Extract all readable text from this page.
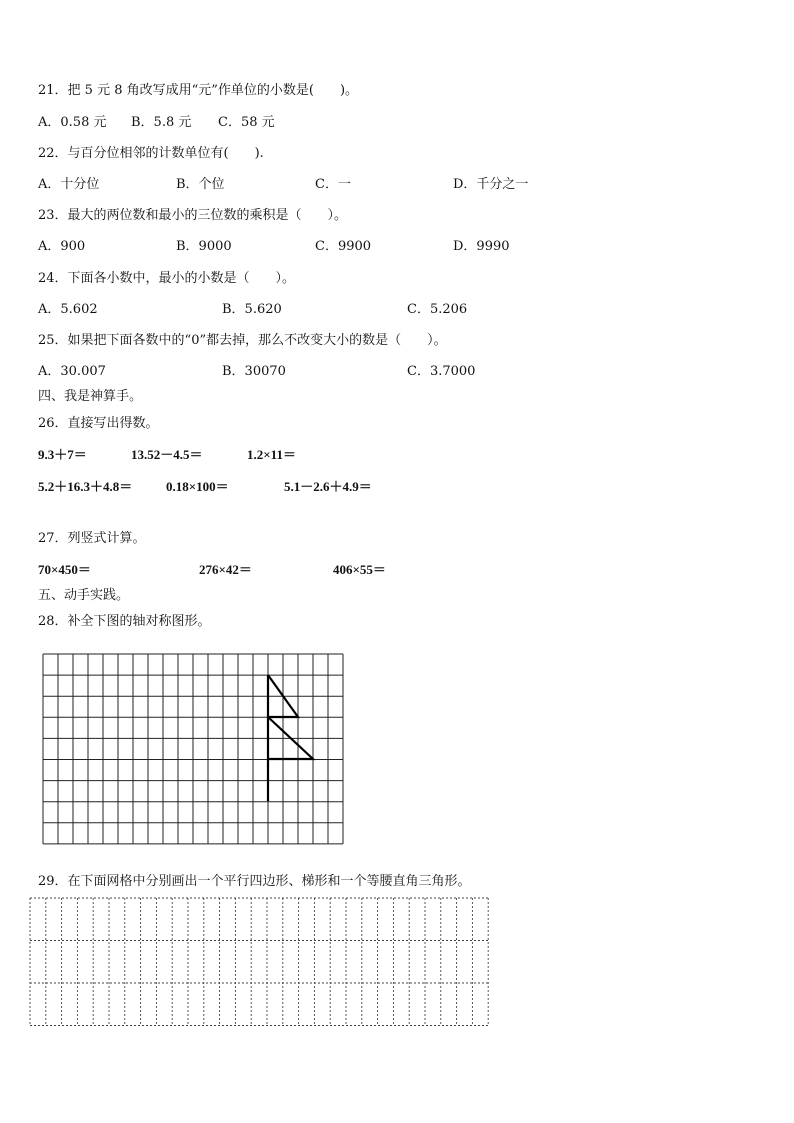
21．把 5 元 8 角改写成用“元”作单位的小数是(　　)。
A．0.58 元 B．5.8 元 C．58 元
22．与百分位相邻的计数单位有(　　).
A．十分位	B．个位	C．一	D．千分之一
23．最大的两位数和最小的三位数的乘积是（　　）。
A．900	B．9000	C．9900	D．9990
24．下面各小数中，最小的小数是（　　）。
A．5.602	B．5.620	C．5.206
25．如果把下面各数中的“0”都去掉，那么不改变大小的数是（　　）。
A．30.007	B．30070	C．3.7000
四、我是神算手。
26．直接写出得数。
9.3＋7＝	13.52－4.5＝	1.2×11＝
5.2＋16.3＋4.8＝	0.18×100＝	5.1－2.6＋4.9＝
27．列竖式计算。
70×450＝	276×42＝	406×55＝
五、动手实践。
28．补全下图的轴对称图形。
29．在下面网格中分别画出一个平行四边形、梯形和一个等腰直角三角形。
